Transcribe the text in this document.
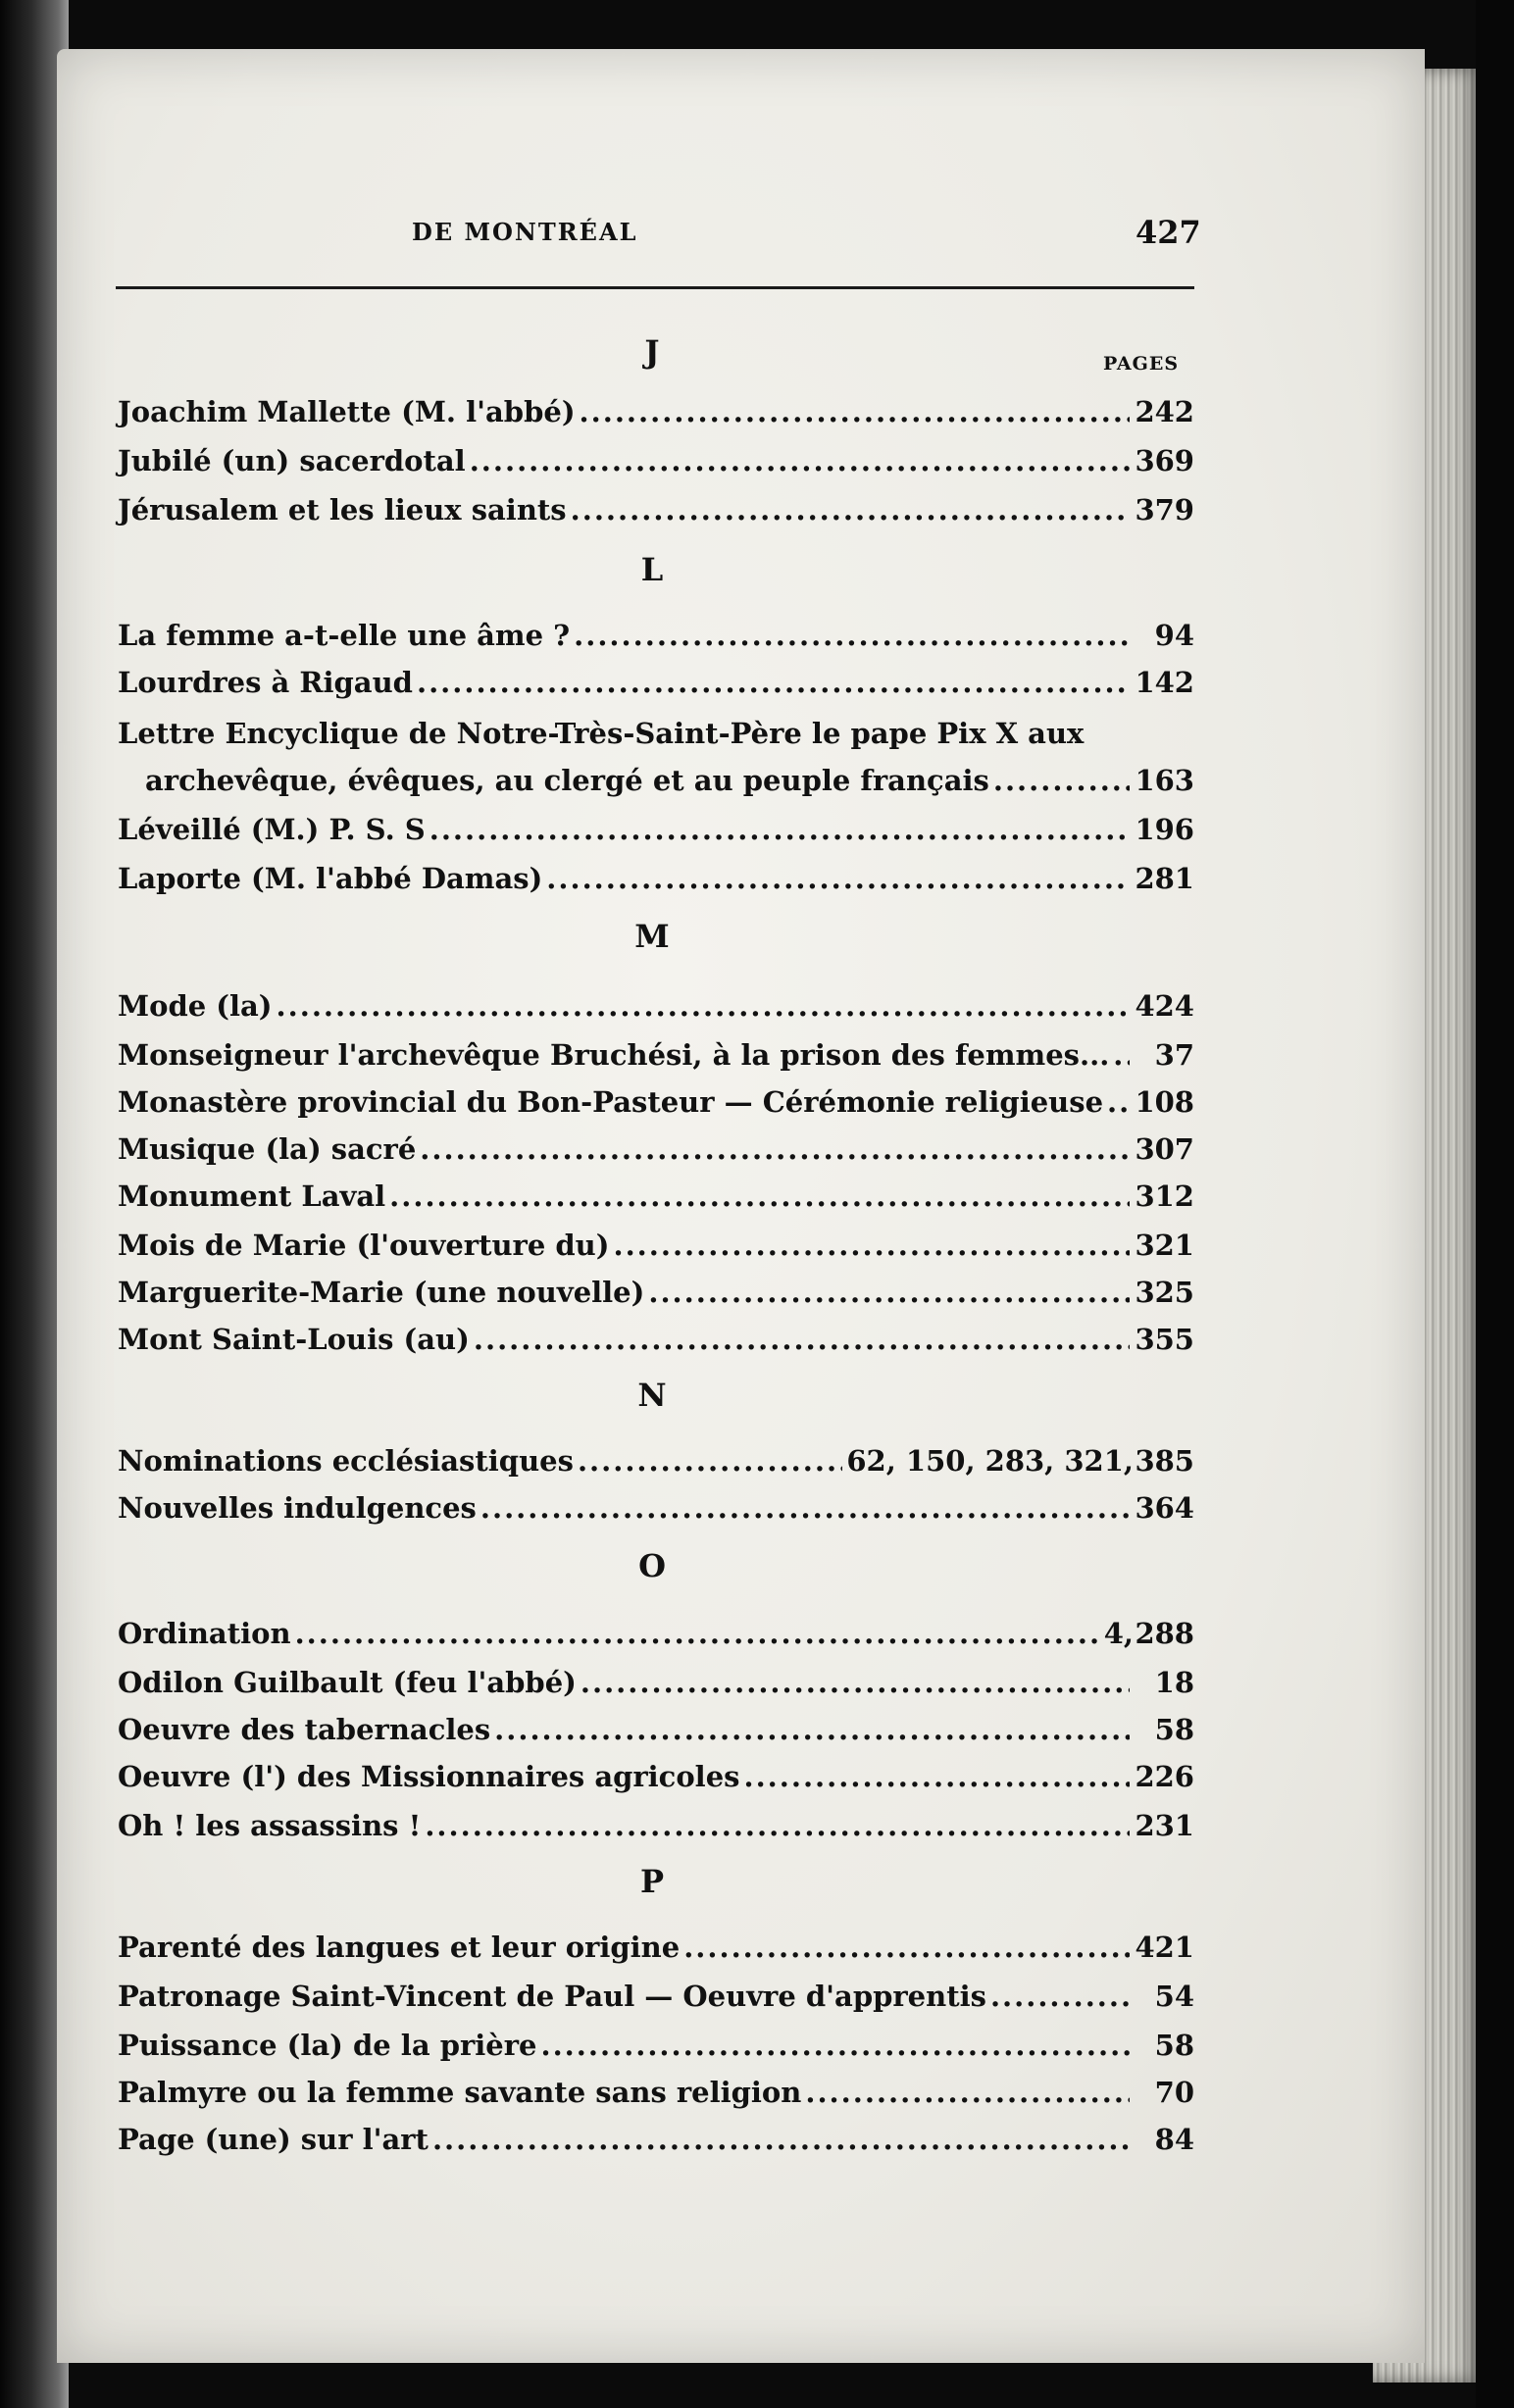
DE MONTRÉAL	427
PAGES
J
Joachim Mallette (M. l'abbé) .....	242
Jubilé (un) sacerdotal .....	369
Jérusalem et les lieux saints .....	379
L
La femme a-t-elle une âme ? .....	94
Lourdres à Rigaud .....	142
Lettre Encyclique de Notre-Très-Saint-Père le pape Pix X aux
archevêque, évêques, au clergé et au peuple français .....	163
Léveillé (M.) P. S. S .....	196
Laporte (M. l'abbé Damas) .....	281
M
Mode (la) .....	424
Monseigneur l'archevêque Bruchési, à la prison des femmes... .....	37
Monastère provincial du Bon-Pasteur — Cérémonie religieuse ..... 108
Musique (la) sacré .....	307
Monument Laval .....	312
Mois de Marie (l'ouverture du) .....	321
Marguerite-Marie (une nouvelle) .....	325
Mont Saint-Louis (au) .....	355
N
Nominations ecclésiastiques .....	62, 150, 283, 321, 385
Nouvelles indulgences .....	364
O
Ordination .....	4, 288
Odilon Guilbault (feu l'abbé) .....	18
Oeuvre des tabernacles .....	58
Oeuvre (l') des Missionnaires agricoles .....	226
Oh ! les assassins ! .....	231
P
Parenté des langues et leur origine .....	421
Patronage Saint-Vincent de Paul — Oeuvre d'apprentis .....	54
Puissance (la) de la prière .....	58
Palmyre ou la femme savante sans religion .....	70
Page (une) sur l'art .....	84
